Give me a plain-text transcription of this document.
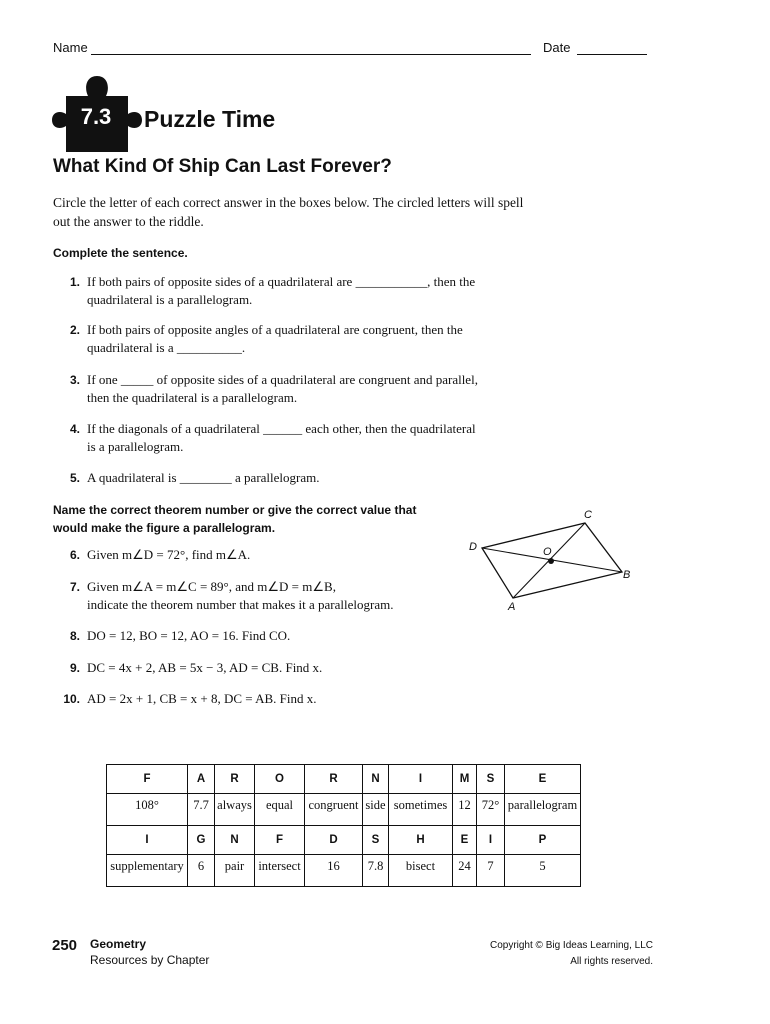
Name	Date
7.3	Puzzle Time
What Kind Of Ship Can Last Forever?
Circle the letter of each correct answer in the boxes below. The circled letters will spell
out the answer to the riddle.
Complete the sentence.
1. If both pairs of opposite sides of a quadrilateral are ___________, then the
quadrilateral is a parallelogram.
2. If both pairs of opposite angles of a quadrilateral are congruent, then the
quadrilateral is a __________.
3. If one _____ of opposite sides of a quadrilateral are congruent and parallel,
then the quadrilateral is a parallelogram.
4. If the diagonals of a quadrilateral ______ each other, then the quadrilateral
is a parallelogram.
5. A quadrilateral is ________ a parallelogram.
Name the correct theorem number or give the correct value that
would make the figure a parallelogram.
6. Given m∠D = 72°, find m∠A.
7. Given m∠A = m∠C = 89°, and m∠D = m∠B,
indicate the theorem number that makes it a parallelogram.
8. DO = 12, BO = 12, AO = 16. Find CO.
9. DC = 4x + 2, AB = 5x − 3, AD = CB. Find x.
10. AD = 2x + 1, CB = x + 8, DC = AB. Find x.
C
D	O
B
A
F	A	R	O	R	N	I	M	S	E
108°	7.7	always	equal	congruent	side	sometimes	12	72°	parallelogram
I	G	N	F	D	S	H	E	I	P
supplementary	6	pair	intersect	16	7.8	bisect	24	7	5
250 Geometry
Resources by Chapter
Copyright © Big Ideas Learning, LLC
All rights reserved.
